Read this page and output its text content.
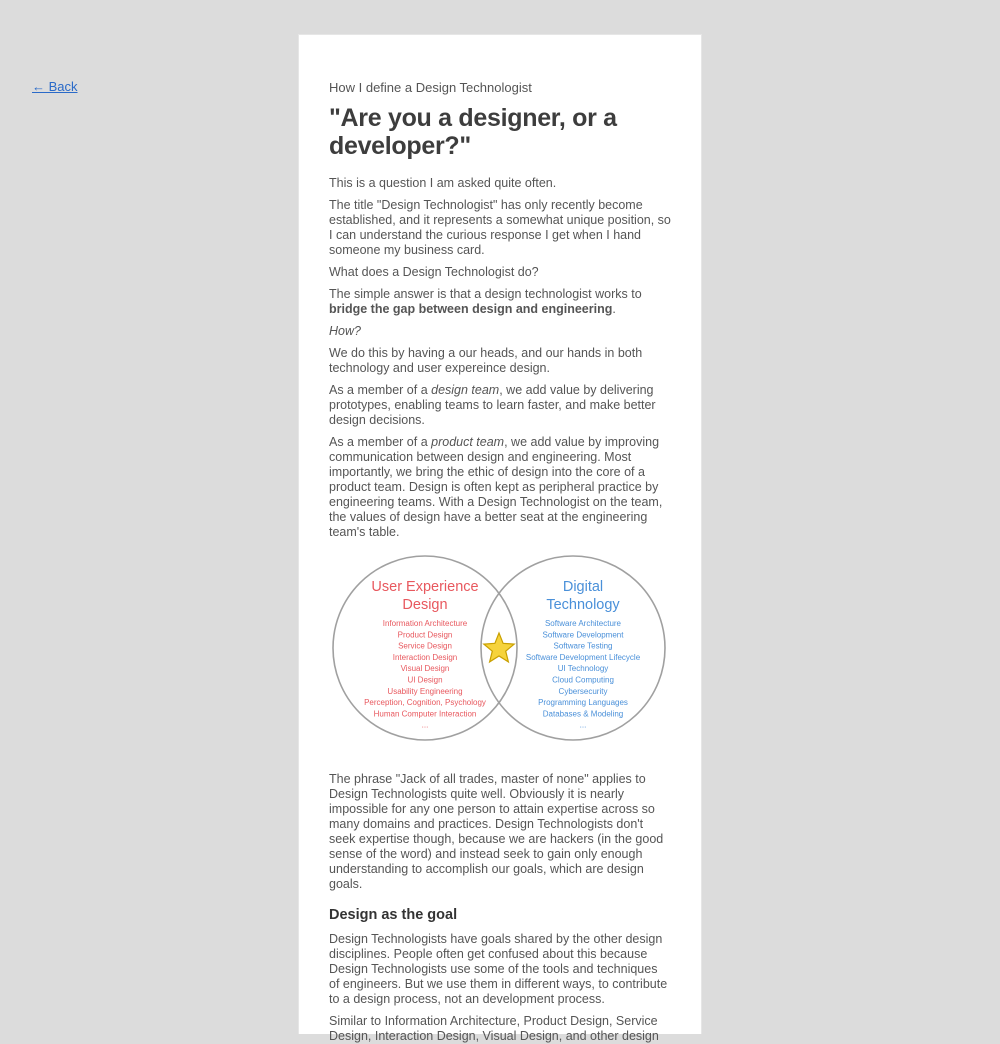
← Back	How I define a Design Technologist
"Are you a designer, or a developer?"

This is a question I am asked quite often.

The title "Design Technologist" has only recently become established, and it represents a somewhat unique position, so I can understand the curious response I get when I hand someone my business card.

What does a Design Technologist do?

The simple answer is that a design technologist works to bridge the gap between design and engineering.

How?

We do this by having a our heads, and our hands in both technology and user expereince design.

As a member of a design team, we add value by delivering prototypes, enabling teams to learn faster, and make better design decisions.

As a member of a product team, we add value by improving communication between design and engineering. Most importantly, we bring the ethic of design into the core of a product team. Design is often kept as peripheral practice by engineering teams. With a Design Technologist on the team, the values of design have a better seat at the engineering team's table.

User Experience
Design
Information Architecture
Product Design
Service Design
Interaction Design
Visual Design
UI Design
Usability Engineering
Perception, Cognition, Psychology
Human Computer Interaction
...
Digital
Technology
Software Architecture
Software Development
Software Testing
Software Development Lifecycle
UI Technology
Cloud Computing
Cybersecurity
Programming Languages
Databases & Modeling
...

The phrase "Jack of all trades, master of none" applies to Design Technologists quite well. Obviously it is nearly impossible for any one person to attain expertise across so many domains and practices. Design Technologists don't seek expertise though, because we are hackers (in the good sense of the word) and instead seek to gain only enough understanding to accomplish our goals, which are design goals.

Design as the goal

Design Technologists have goals shared by the other design disciplines. People often get confused about this because Design Technologists use some of the tools and techniques of engineers. But we use them in different ways, to contribute to a design process, not an development process.

Similar to Information Architecture, Product Design, Service Design, Interaction Design, Visual Design, and other design
